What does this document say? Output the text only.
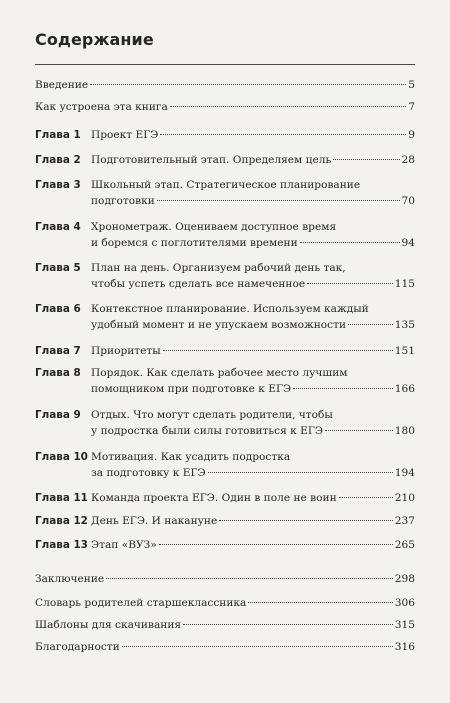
Содержание
Введение	5
Как устроена эта книга	7
Глава 1 Проект ЕГЭ	9
Глава 2 Подготовительный этап. Определяем цель	28
Глава 3 Школьный этап. Стратегическое планирование
подготовки	70
Глава 4 Хронометраж. Оцениваем доступное время
и боремся с поглотителями времени	94
Глава 5 План на день. Организуем рабочий день так,
чтобы успеть сделать все намеченное	115
Глава 6 Контекстное планирование. Используем каждый
удобный момент и не упускаем возможности	135
Глава 7 Приоритеты	151
Глава 8 Порядок. Как сделать рабочее место лучшим
помощником при подготовке к ЕГЭ	166
Глава 9 Отдых. Что могут сделать родители, чтобы
у подростка были силы готовиться к ЕГЭ	180
Глава 10 Мотивация. Как усадить подростка
за подготовку к ЕГЭ	194
Глава 11 Команда проекта ЕГЭ. Один в поле не воин	210
Глава 12 День ЕГЭ. И накануне	237
Глава 13 Этап «ВУЗ»	265
Заключение	298
Словарь родителей старшеклассника	306
Шаблоны для скачивания	315
Благодарности	316
